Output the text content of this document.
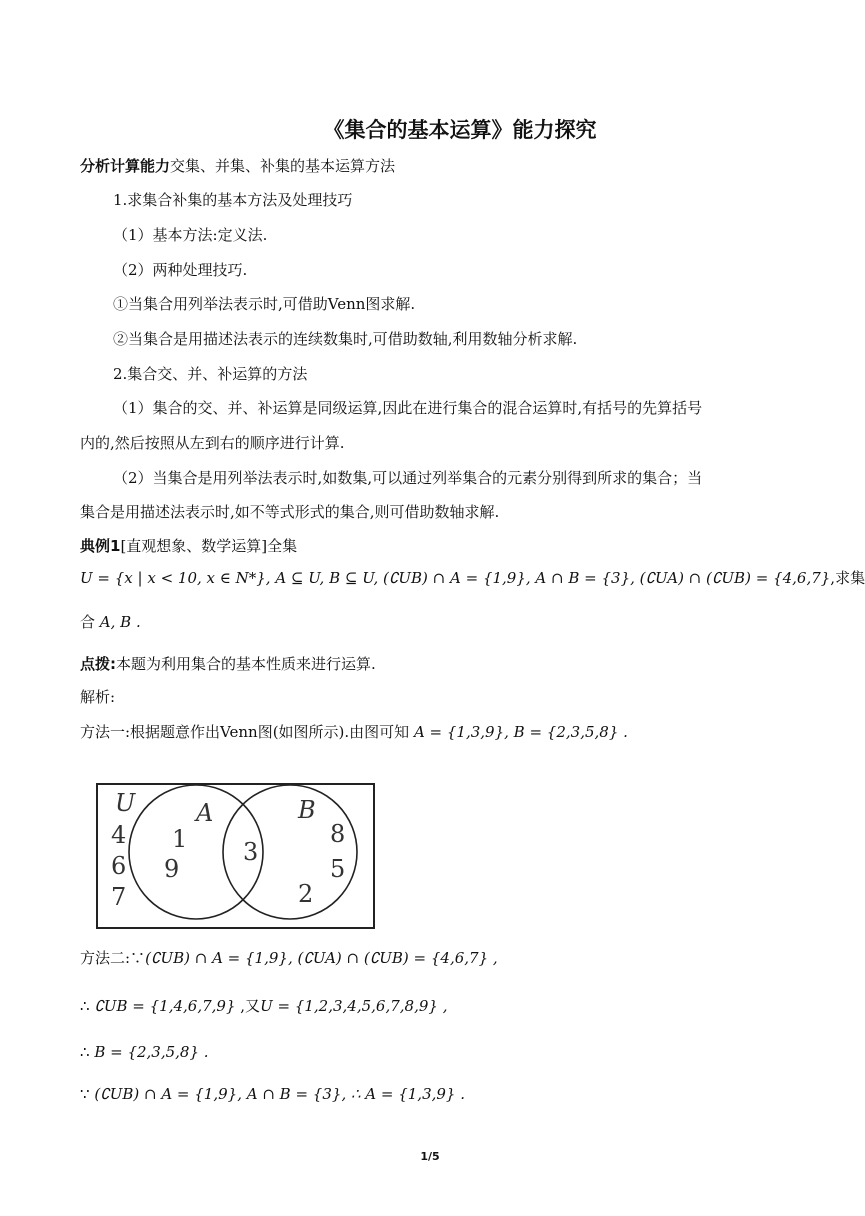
《集合的基本运算》能力探究
分析计算能力交集、并集、补集的基本运算方法
1.求集合补集的基本方法及处理技巧
（1）基本方法:定义法.
（2）两种处理技巧.
①当集合用列举法表示时,可借助Venn图求解.
②当集合是用描述法表示的连续数集时,可借助数轴,利用数轴分析求解.
2.集合交、并、补运算的方法
（1）集合的交、并、补运算是同级运算,因此在进行集合的混合运算时,有括号的先算括号
内的,然后按照从左到右的顺序进行计算.
（2）当集合是用列举法表示时,如数集,可以通过列举集合的元素分别得到所求的集合；当
集合是用描述法表示时,如不等式形式的集合,则可借助数轴求解.
典例1[直观想象、数学运算]全集
U = {x | x < 10, x ∈ N*}, A ⊆ U, B ⊆ U, (∁UB) ∩ A = {1,9}, A ∩ B = {3}, (∁UA) ∩ (∁UB) = {4,6,7},求集
合 A, B .
点拨:本题为利用集合的基本性质来进行运算.
解析:
方法一:根据题意作出Venn图(如图所示).由图可知 A = {1,3,9}, B = {2,3,5,8} .
U	A	B
4
6
7
1
9
3
8
5
2
方法二:∵(∁UB) ∩ A = {1,9}, (∁UA) ∩ (∁UB) = {4,6,7} ,
∴ ∁UB = {1,4,6,7,9} ,又U = {1,2,3,4,5,6,7,8,9} ,
∴ B = {2,3,5,8} .
∵ (∁UB) ∩ A = {1,9}, A ∩ B = {3}, ∴ A = {1,3,9} .
1/5
